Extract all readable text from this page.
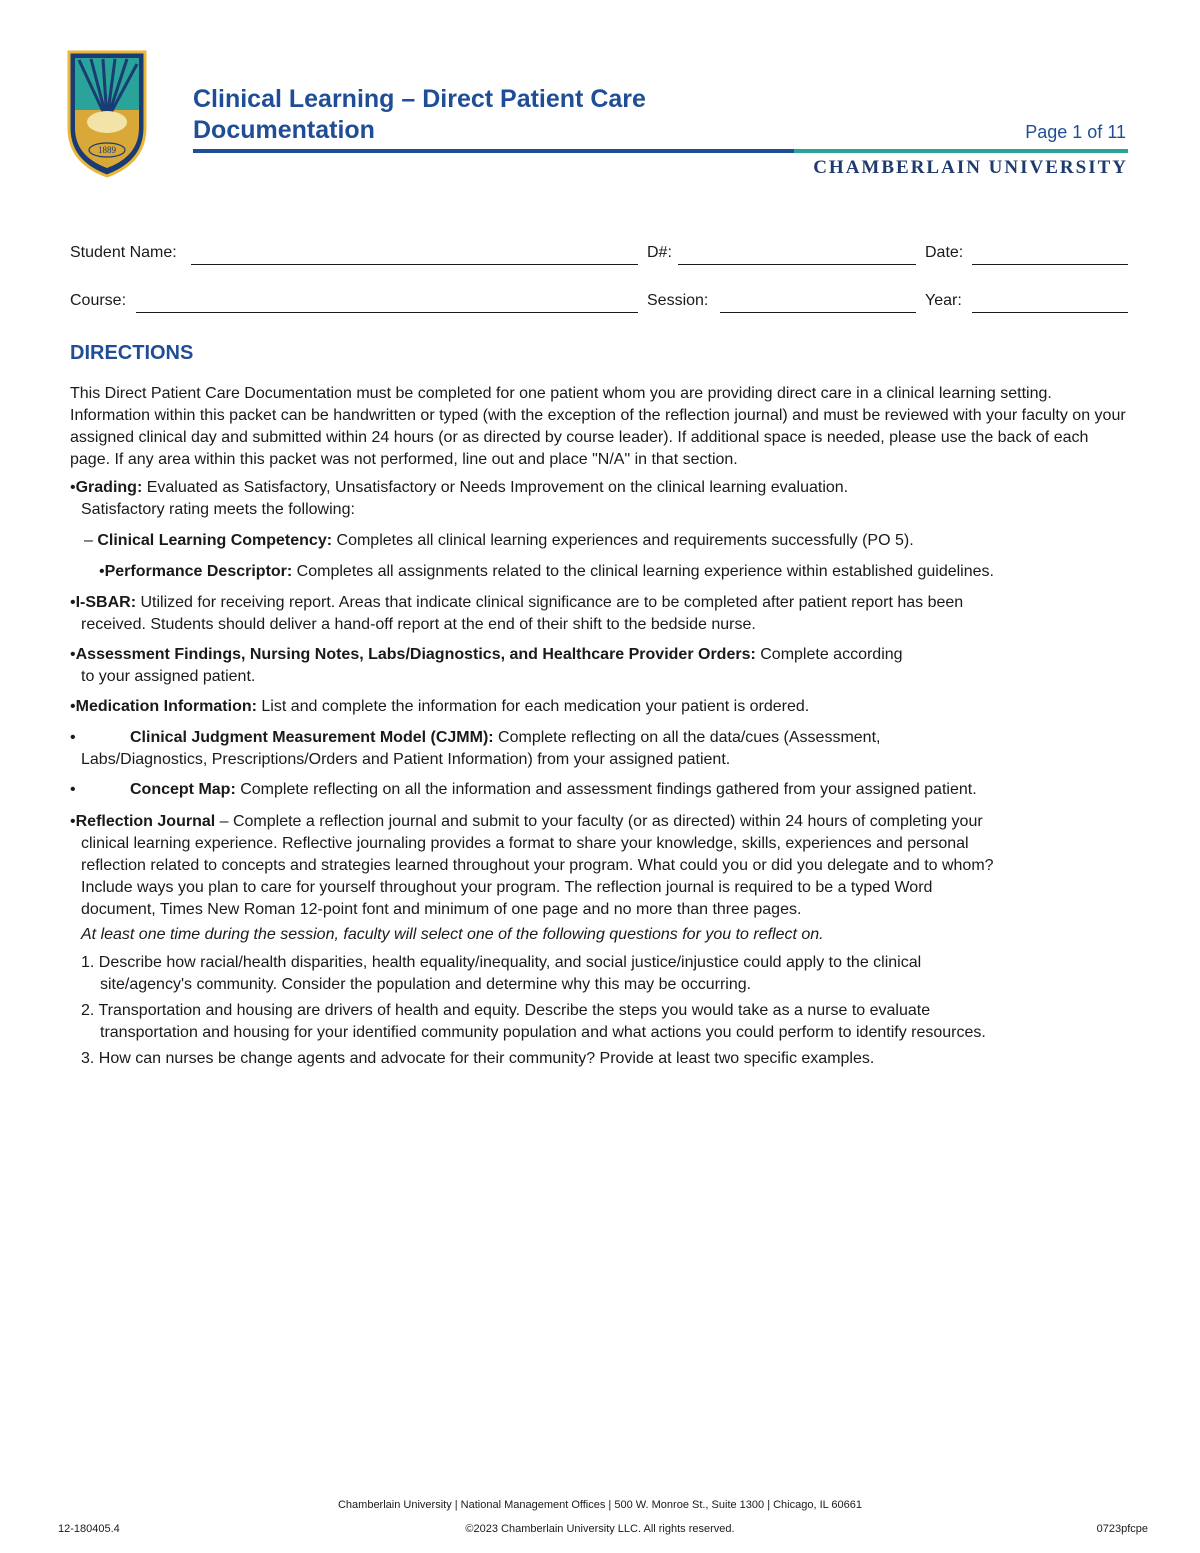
1889
Clinical Learning – Direct Patient Care
Documentation	Page 1 of 11
CHAMBERLAIN UNIVERSITY
Student Name:	D#:	Date:
Course:	Session:	Year:
DIRECTIONS
This Direct Patient Care Documentation must be completed for one patient whom you are providing direct care in a clinical learning setting. Information within this packet can be handwritten or typed (with the exception of the reflection journal) and must be reviewed with your faculty on your assigned clinical day and submitted within 24 hours (or as directed by course leader). If additional space is needed, please use the back of each page. If any area within this packet was not performed, line out and place "N/A" in that section.
•Grading: Evaluated as Satisfactory, Unsatisfactory or Needs Improvement on the clinical learning evaluation.
Satisfactory rating meets the following:
– Clinical Learning Competency: Completes all clinical learning experiences and requirements successfully (PO 5).
•Performance Descriptor: Completes all assignments related to the clinical learning experience within established guidelines.
•I-SBAR: Utilized for receiving report. Areas that indicate clinical significance are to be completed after patient report has been
received. Students should deliver a hand-off report at the end of their shift to the bedside nurse.
•Assessment Findings, Nursing Notes, Labs/Diagnostics, and Healthcare Provider Orders: Complete according
to your assigned patient.
•Medication Information: List and complete the information for each medication your patient is ordered.
•	Clinical Judgment Measurement Model (CJMM): Complete reflecting on all the data/cues (Assessment,
Labs/Diagnostics, Prescriptions/Orders and Patient Information) from your assigned patient.
•	Concept Map: Complete reflecting on all the information and assessment findings gathered from your assigned patient.
•Reflection Journal – Complete a reflection journal and submit to your faculty (or as directed) within 24 hours of completing your
clinical learning experience. Reflective journaling provides a format to share your knowledge, skills, experiences and personal
reflection related to concepts and strategies learned throughout your program. What could you or did you delegate and to whom?
Include ways you plan to care for yourself throughout your program. The reflection journal is required to be a typed Word
document, Times New Roman 12-point font and minimum of one page and no more than three pages.
At least one time during the session, faculty will select one of the following questions for you to reflect on.
1. Describe how racial/health disparities, health equality/inequality, and social justice/injustice could apply to the clinical
site/agency's community. Consider the population and determine why this may be occurring.
2. Transportation and housing are drivers of health and equity. Describe the steps you would take as a nurse to evaluate
transportation and housing for your identified community population and what actions you could perform to identify resources.
3. How can nurses be change agents and advocate for their community? Provide at least two specific examples.
Chamberlain University | National Management Offices | 500 W. Monroe St., Suite 1300 | Chicago, IL 60661
©2023 Chamberlain University LLC. All rights reserved.
12-180405.4	0723pfcpe
